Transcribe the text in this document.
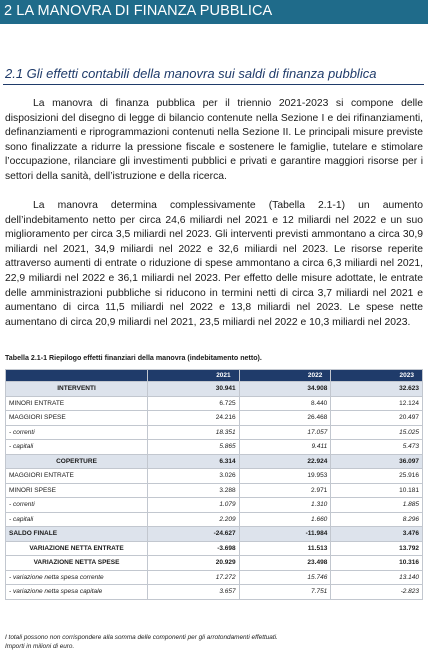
2 LA MANOVRA DI FINANZA PUBBLICA
2.1 Gli effetti contabili della manovra sui saldi di finanza pubblica
La manovra di finanza pubblica per il triennio 2021-2023 si compone delle disposizioni del disegno di legge di bilancio contenute nella Sezione I e dei rifinanziamenti, definanziamenti e riprogrammazioni contenuti nella Sezione II. Le principali misure previste sono finalizzate a ridurre la pressione fiscale e sostenere le famiglie, tutelare e stimolare l’occupazione, rilanciare gli investimenti pubblici e privati e garantire maggiori risorse per i settori della sanità, dell’istruzione e della ricerca.
La manovra determina complessivamente (Tabella 2.1-1) un aumento dell’indebitamento netto per circa 24,6 miliardi nel 2021 e 12 miliardi nel 2022 e un suo miglioramento per circa 3,5 miliardi nel 2023. Gli interventi previsti ammontano a circa 30,9 miliardi nel 2021, 34,9 miliardi nel 2022 e 32,6 miliardi nel 2023. Le risorse reperite attraverso aumenti di entrate o riduzione di spese ammontano a circa 6,3 miliardi nel 2021, 22,9 miliardi nel 2022 e 36,1 miliardi nel 2023. Per effetto delle misure adottate, le entrate delle amministrazioni pubbliche si riducono in termini netti di circa 3,7 miliardi nel 2021 e aumentano di circa 11,5 miliardi nel 2022 e 13,8 miliardi nel 2023. Le spese nette aumentano di circa 20,9 miliardi nel 2021, 23,5 miliardi nel 2022 e 10,3 miliardi nel 2023.
Tabella 2.1-1 Riepilogo effetti finanziari della manovra (indebitamento netto).
	2021	2022	2023
INTERVENTI	30.941	34.908	32.623
MINORI ENTRATE	6.725	8.440	12.124
MAGGIORI SPESE	24.216	26.468	20.497
- correnti	18.351	17.057	15.025
- capitali	5.865	9.411	5.473
COPERTURE	6.314	22.924	36.097
MAGGIORI ENTRATE	3.026	19.953	25.916
MINORI SPESE	3.288	2.971	10.181
- correnti	1.079	1.310	1.885
- capitali	2.209	1.660	8.296
SALDO FINALE	-24.627	-11.984	3.476
VARIAZIONE NETTA ENTRATE	-3.698	11.513	13.792
VARIAZIONE NETTA SPESE	20.929	23.498	10.316
- variazione netta spesa corrente	17.272	15.746	13.140
- variazione netta spesa capitale	3.657	7.751	-2.823
I totali possono non corrispondere alla somma delle componenti per gli arrotondamenti effettuati.
Importi in milioni di euro.
